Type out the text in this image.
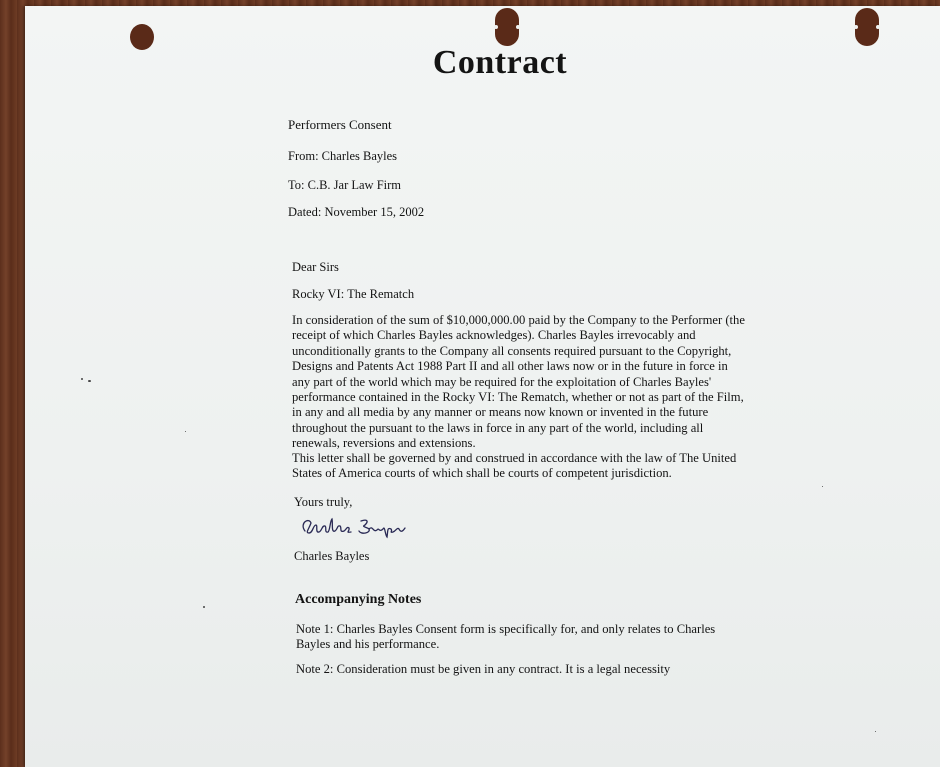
Contract
Performers Consent
From: Charles Bayles
To: C.B. Jar Law Firm
Dated: November 15, 2002
Dear Sirs
Rocky VI: The Rematch
In consideration of the sum of $10,000,000.00 paid by the Company to the Performer (the
receipt of which Charles Bayles acknowledges). Charles Bayles irrevocably and
unconditionally grants to the Company all consents required pursuant to the Copyright,
Designs and Patents Act 1988 Part II and all other laws now or in the future in force in
any part of the world which may be required for the exploitation of Charles Bayles'
performance contained in the Rocky VI: The Rematch, whether or not as part of the Film,
in any and all media by any manner or means now known or invented in the future
throughout the pursuant to the laws in force in any part of the world, including all
renewals, reversions and extensions.
This letter shall be governed by and construed in accordance with the law of The United
States of America courts of which shall be courts of competent jurisdiction.
Yours truly,
Charles Bayles
Accompanying Notes
Note 1: Charles Bayles Consent form is specifically for, and only relates to Charles
Bayles and his performance.
Note 2: Consideration must be given in any contract. It is a legal necessity
